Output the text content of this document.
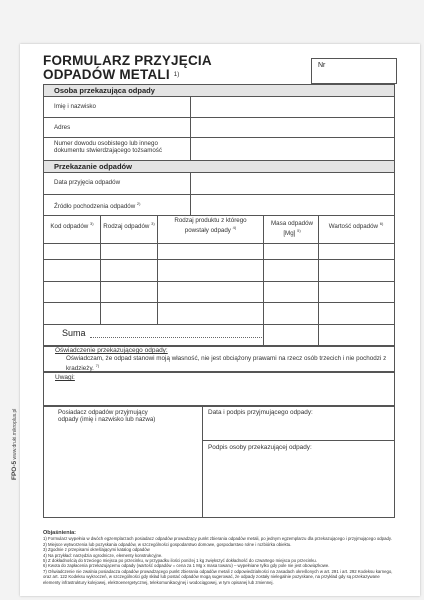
FORMULARZ PRZYJĘCIA
ODPADÓW METALI $^{1)}$
Nr
Osoba przekazująca odpady
Imię i nazwisko
Adres
Numer dowodu osobistego lub innego dokumentu stwierdzającego tożsamość
Przekazanie odpadów
Data przyjęcia odpadów
Źródło pochodzenia odpadów $^{2)}$
Kod odpadów $^{3)}$	Rodzaj odpadów $^{3)}$	Rodzaj produktu z którego powstały odpady $^{4)}$
Masa odpadów [Mg] $^{5)}$
Wartość odpadów $^{6)}$
Suma
Oświadczenie przekazującego odpady:
Oświadczam, że odpad stanowi moją własność, nie jest obciążony prawami na rzecz osób trzecich i nie pochodzi z kradzieży. $^{7)}$
Uwagi:
Posiadacz odpadów przyjmujący odpady (imię i nazwisko lub nazwa)
Data i podpis przyjmującego odpady:
Podpis osoby przekazującej odpady:
FPO-5 www.druki.mikroplus.pl
Objaśnienia:
1) Formularz wypełnia w dwóch egzemplarzach posiadacz odpadów prowadzący punkt zbierania odpadów metali, po jednym egzemplarzu dla przekazującego i przyjmującego odpady.
2) Miejsce wytworzenia lub pozyskania odpadów, w szczególności gospodarstwo domowe, gospodarstwo rolne i rozbiórka obiektu.
3) Zgodnie z przepisami określającymi katalog odpadów
4) Na przykład: narzędzia ogrodnicze, elementy konstrukcyjne.
5) Z dokładnością do trzeciego miejsca po przecinku, w przypadku ilości poniżej 1 kg zwiększyć dokładność do czwartego miejsca po przecinku.
6) Kwota do zapłacenia przekazującemu odpady (wartość odpadów = cena za 1 Mg x masa towaru) – wypełniane tylko gdy pole nie jest obowiązkowe.
7) Oświadczenie nie zwalnia posiadacza odpadów prowadzącego punkt zbierania odpadów metali z odpowiedzialności na zasadach określonych w art. 291 i art. 292 Kodeksu karnego, oraz art. 122 Kodeksu wykroczeń, w szczególności gdy skład lub postać odpadów mogą sugerować, że odpady zostały nielegalnie pozyskane, na przykład gdy są przekazywane elementy infrastruktury kolejowej, elektroenergetycznej, telekomunikacyjnej i wodociągowej, w tym opisanej lub zmiennej.
